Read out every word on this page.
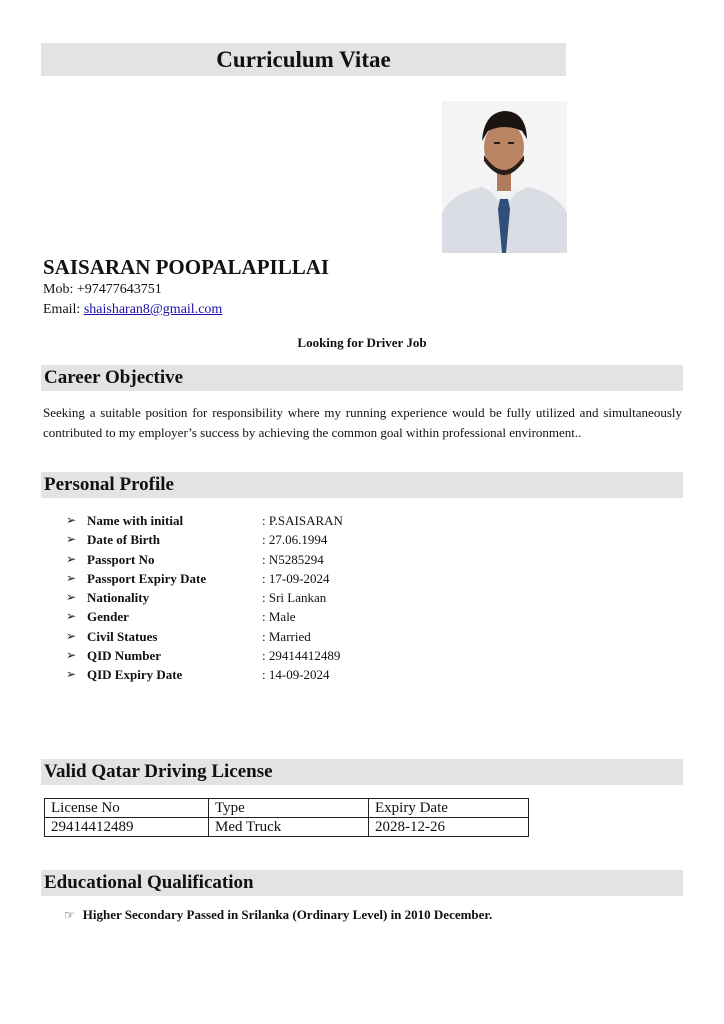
Curriculum Vitae
SAISARAN POOPALAPILLAI
Mob: +97477643751
Email: shaisharan8@gmail.com
Looking for Driver Job
Career Objective
Seeking a suitable position for responsibility where my running experience would be fully utilized and simultaneously contributed to my employer’s success by achieving the common goal within professional environment..
Personal Profile
➢ Name with initial	: P.SAISARAN
➢ Date of Birth	: 27.06.1994
➢ Passport No	: N5285294
➢ Passport Expiry Date	: 17-09-2024
➢ Nationality	: Sri Lankan
➢ Gender	: Male
➢ Civil Statues	: Married
➢ QID Number	: 29414412489
➢ QID Expiry Date	: 14-09-2024
Valid Qatar Driving License
License No	Type	Expiry Date
29414412489	Med Truck	2028-12-26
Educational Qualification
☞ Higher Secondary Passed in Srilanka (Ordinary Level) in 2010 December.
